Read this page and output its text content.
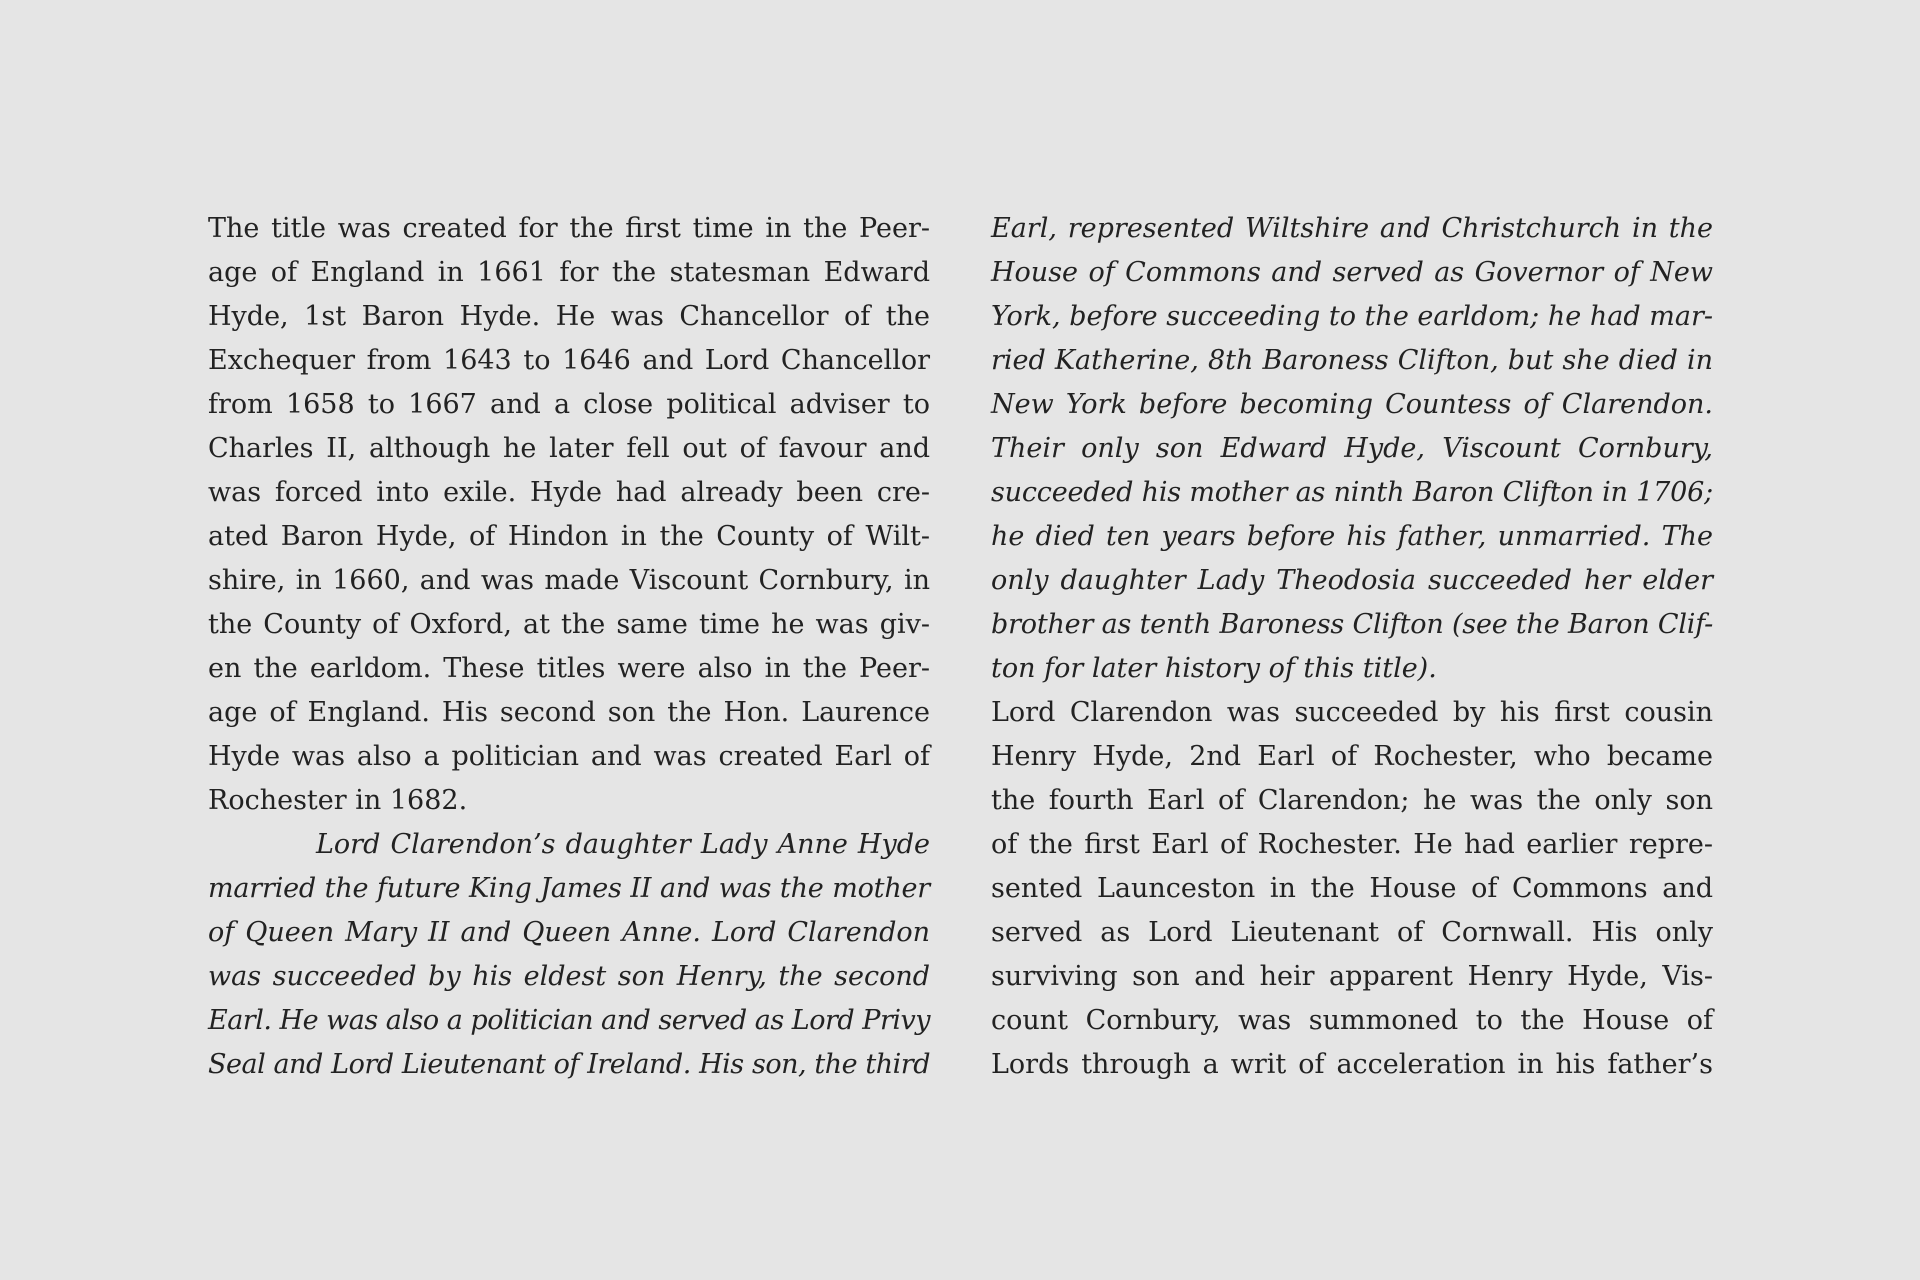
The title was created for the first time in the Peer-
age of England in 1661 for the statesman Edward
Hyde, 1st Baron Hyde. He was Chancellor of the
Exchequer from 1643 to 1646 and Lord Chancellor
from 1658 to 1667 and a close political adviser to
Charles II, although he later fell out of favour and
was forced into exile. Hyde had already been cre-
ated Baron Hyde, of Hindon in the County of Wilt-
shire, in 1660, and was made Viscount Cornbury, in
the County of Oxford, at the same time he was giv-
en the earldom. These titles were also in the Peer-
age of England. His second son the Hon. Laurence
Hyde was also a politician and was created Earl of
Rochester in 1682.
Lord Clarendon’s daughter Lady Anne Hyde
married the future King James II and was the mother
of Queen Mary II and Queen Anne. Lord Clarendon
was succeeded by his eldest son Henry, the second
Earl. He was also a politician and served as Lord Privy
Seal and Lord Lieutenant of Ireland. His son, the third
Earl, represented Wiltshire and Christchurch in the
House of Commons and served as Governor of New
York, before succeeding to the earldom; he had mar-
ried Katherine, 8th Baroness Clifton, but she died in
New York before becoming Countess of Clarendon.
Their only son Edward Hyde, Viscount Cornbury,
succeeded his mother as ninth Baron Clifton in 1706;
he died ten years before his father, unmarried. The
only daughter Lady Theodosia succeeded her elder
brother as tenth Baroness Clifton (see the Baron Clif-
ton for later history of this title).
Lord Clarendon was succeeded by his first cousin
Henry Hyde, 2nd Earl of Rochester, who became
the fourth Earl of Clarendon; he was the only son
of the first Earl of Rochester. He had earlier repre-
sented Launceston in the House of Commons and
served as Lord Lieutenant of Cornwall. His only
surviving son and heir apparent Henry Hyde, Vis-
count Cornbury, was summoned to the House of
Lords through a writ of acceleration in his father’s
